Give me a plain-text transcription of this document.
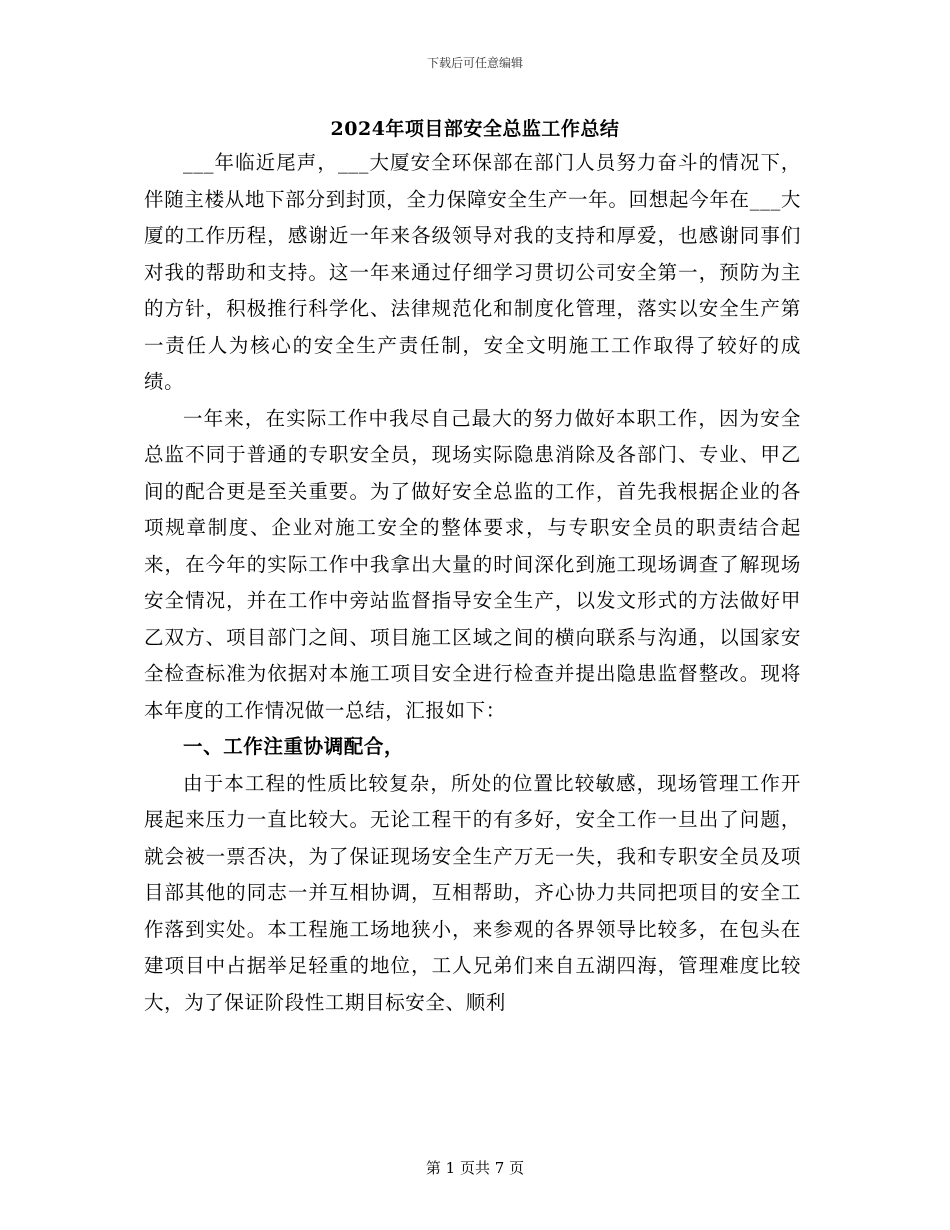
下载后可任意编辑
2024年项目部安全总监工作总结

___年临近尾声，___大厦安全环保部在部门人员努力奋斗的情况下，伴随主楼从地下部分到封顶，全力保障安全生产一年。回想起今年在___大厦的工作历程，感谢近一年来各级领导对我的支持和厚爱，也感谢同事们对我的帮助和支持。这一年来通过仔细学习贯切公司安全第一，预防为主的方针，积极推行科学化、法律规范化和制度化管理，落实以安全生产第一责任人为核心的安全生产责任制，安全文明施工工作取得了较好的成绩。

一年来，在实际工作中我尽自己最大的努力做好本职工作，因为安全总监不同于普通的专职安全员，现场实际隐患消除及各部门、专业、甲乙间的配合更是至关重要。为了做好安全总监的工作，首先我根据企业的各项规章制度、企业对施工安全的整体要求，与专职安全员的职责结合起来，在今年的实际工作中我拿出大量的时间深化到施工现场调查了解现场安全情况，并在工作中旁站监督指导安全生产，以发文形式的方法做好甲乙双方、项目部门之间、项目施工区域之间的横向联系与沟通，以国家安全检查标准为依据对本施工项目安全进行检查并提出隐患监督整改。现将本年度的工作情况做一总结，汇报如下：

一、工作注重协调配合，

由于本工程的性质比较复杂，所处的位置比较敏感，现场管理工作开展起来压力一直比较大。无论工程干的有多好，安全工作一旦出了问题，就会被一票否决，为了保证现场安全生产万无一失，我和专职安全员及项目部其他的同志一并互相协调，互相帮助，齐心协力共同把项目的安全工作落到实处。本工程施工场地狭小，来参观的各界领导比较多，在包头在建项目中占据举足轻重的地位，工人兄弟们来自五湖四海，管理难度比较大，为了保证阶段性工期目标安全、顺利

第 1 页共 7 页
